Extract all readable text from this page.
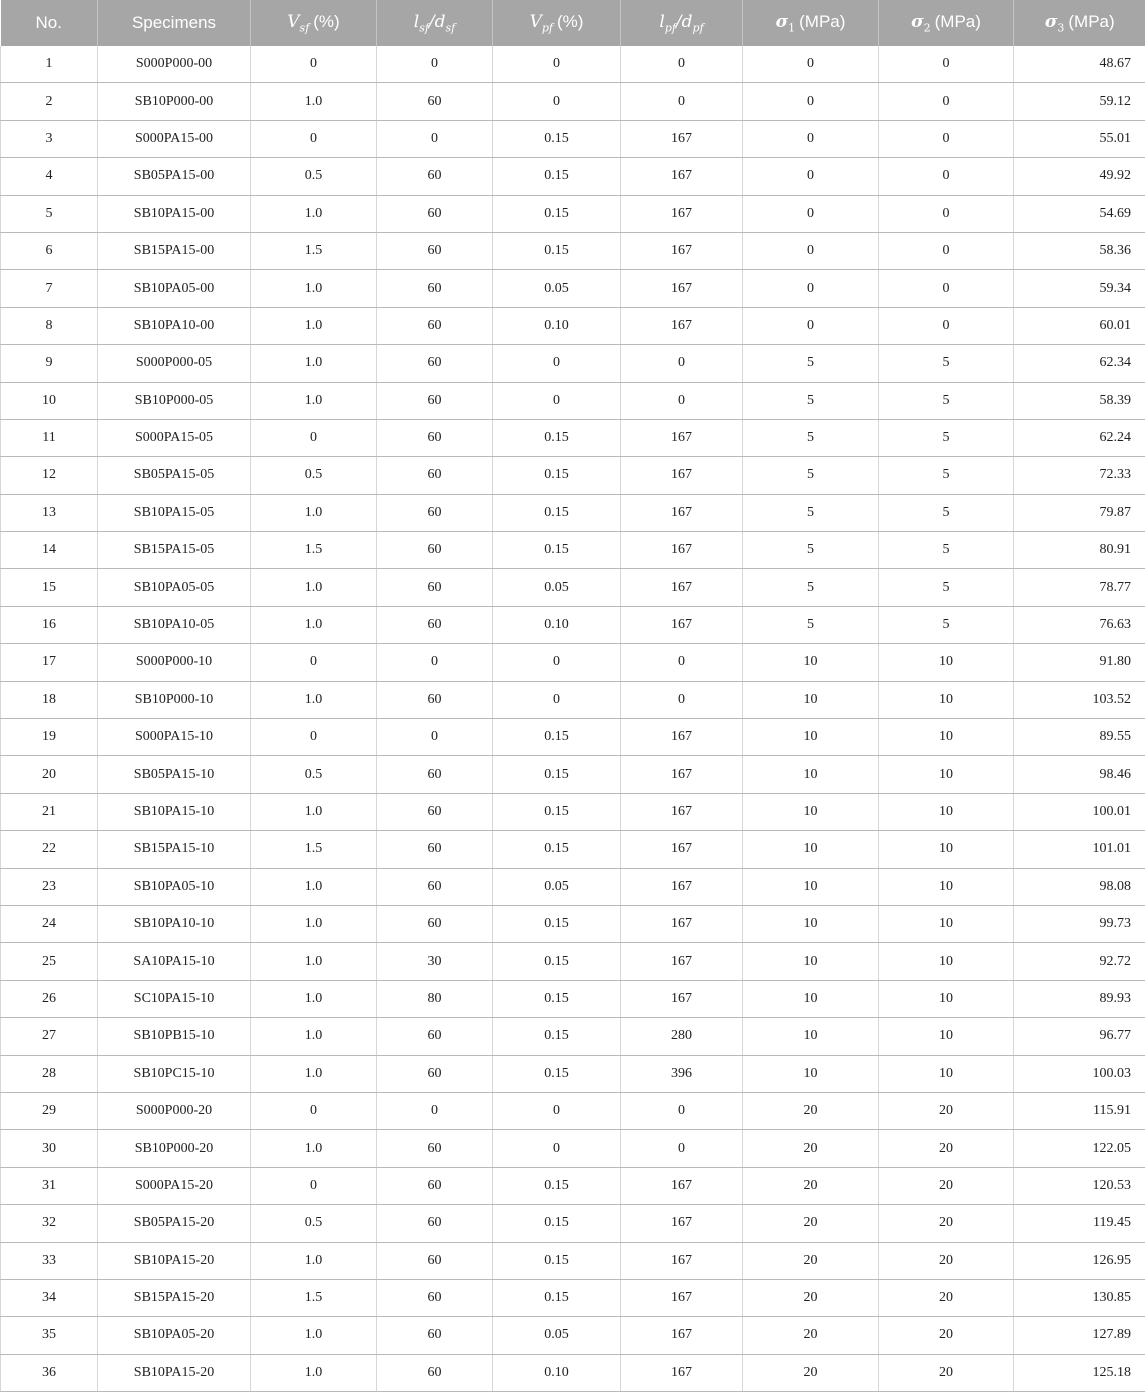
No.	Specimens	$V_{sf}$ (%)	$l_{sf}/d_{sf}$	$V_{pf}$ (%)	$l_{pf}/d_{pf}$	$\sigma_1$ (MPa)	$\sigma_2$ (MPa)	$\sigma_3$ (MPa)
1	S000P000-00	0	0	0	0	0	0	48.67
2	SB10P000-00	1.0	60	0	0	0	0	59.12
3	S000PA15-00	0	0	0.15	167	0	0	55.01
4	SB05PA15-00	0.5	60	0.15	167	0	0	49.92
5	SB10PA15-00	1.0	60	0.15	167	0	0	54.69
6	SB15PA15-00	1.5	60	0.15	167	0	0	58.36
7	SB10PA05-00	1.0	60	0.05	167	0	0	59.34
8	SB10PA10-00	1.0	60	0.10	167	0	0	60.01
9	S000P000-05	1.0	60	0	0	5	5	62.34
10	SB10P000-05	1.0	60	0	0	5	5	58.39
11	S000PA15-05	0	60	0.15	167	5	5	62.24
12	SB05PA15-05	0.5	60	0.15	167	5	5	72.33
13	SB10PA15-05	1.0	60	0.15	167	5	5	79.87
14	SB15PA15-05	1.5	60	0.15	167	5	5	80.91
15	SB10PA05-05	1.0	60	0.05	167	5	5	78.77
16	SB10PA10-05	1.0	60	0.10	167	5	5	76.63
17	S000P000-10	0	0	0	0	10	10	91.80
18	SB10P000-10	1.0	60	0	0	10	10	103.52
19	S000PA15-10	0	0	0.15	167	10	10	89.55
20	SB05PA15-10	0.5	60	0.15	167	10	10	98.46
21	SB10PA15-10	1.0	60	0.15	167	10	10	100.01
22	SB15PA15-10	1.5	60	0.15	167	10	10	101.01
23	SB10PA05-10	1.0	60	0.05	167	10	10	98.08
24	SB10PA10-10	1.0	60	0.15	167	10	10	99.73
25	SA10PA15-10	1.0	30	0.15	167	10	10	92.72
26	SC10PA15-10	1.0	80	0.15	167	10	10	89.93
27	SB10PB15-10	1.0	60	0.15	280	10	10	96.77
28	SB10PC15-10	1.0	60	0.15	396	10	10	100.03
29	S000P000-20	0	0	0	0	20	20	115.91
30	SB10P000-20	1.0	60	0	0	20	20	122.05
31	S000PA15-20	0	60	0.15	167	20	20	120.53
32	SB05PA15-20	0.5	60	0.15	167	20	20	119.45
33	SB10PA15-20	1.0	60	0.15	167	20	20	126.95
34	SB15PA15-20	1.5	60	0.15	167	20	20	130.85
35	SB10PA05-20	1.0	60	0.05	167	20	20	127.89
36	SB10PA15-20	1.0	60	0.10	167	20	20	125.18
